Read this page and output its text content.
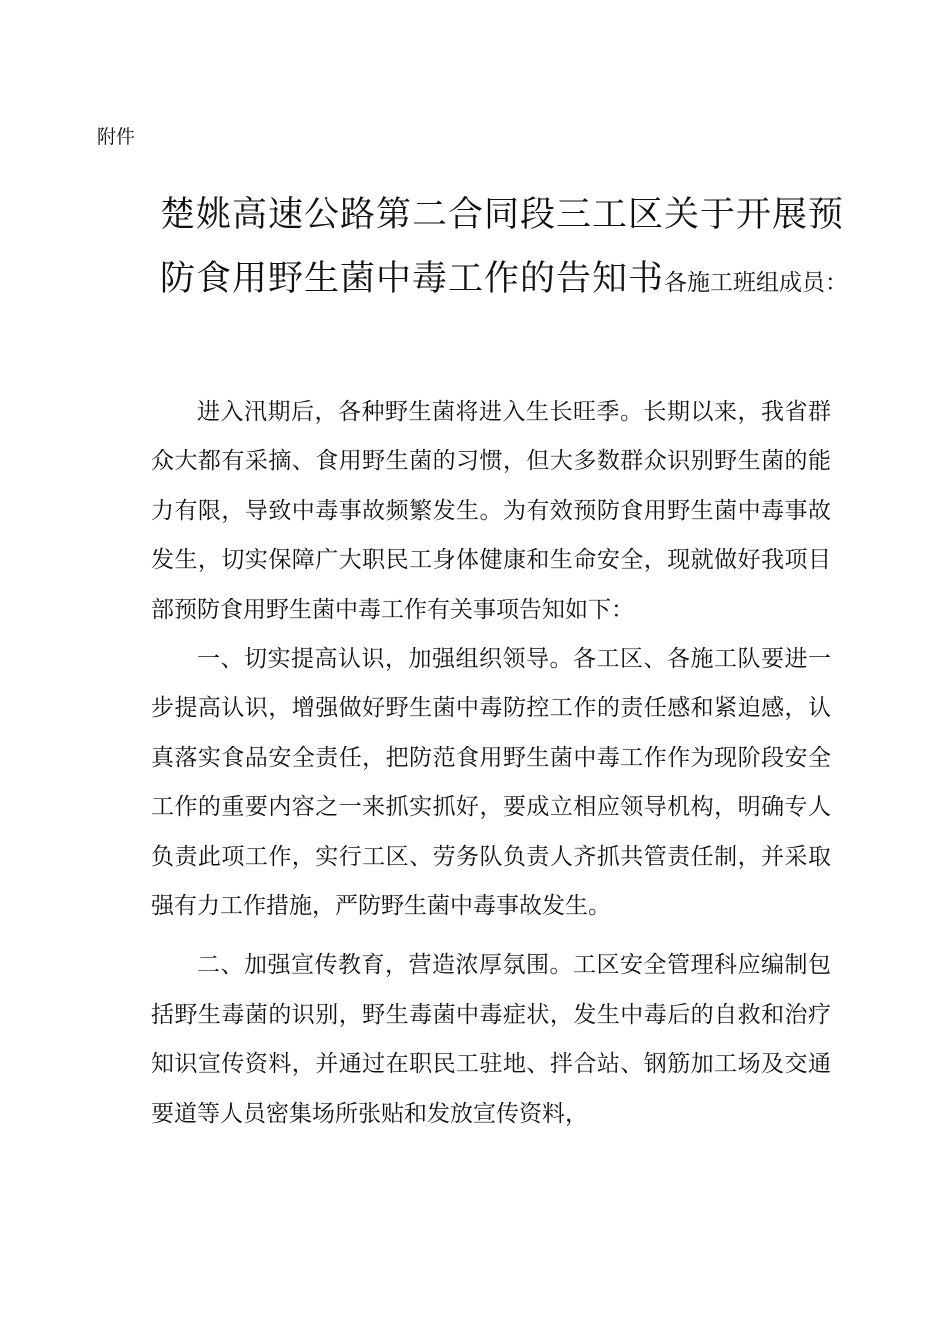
附件
楚姚高速公路第二合同段三工区关于开展预
防食用野生菌中毒工作的告知书各施工班组成员：

进入汛期后，各种野生菌将进入生长旺季。长期以来，我省群众大都有采摘、食用野生菌的习惯，但大多数群众识别野生菌的能力有限，导致中毒事故频繁发生。为有效预防食用野生菌中毒事故发生，切实保障广大职民工身体健康和生命安全，现就做好我项目部预防食用野生菌中毒工作有关事项告知如下：

一、切实提高认识，加强组织领导。各工区、各施工队要进一步提高认识，增强做好野生菌中毒防控工作的责任感和紧迫感，认真落实食品安全责任，把防范食用野生菌中毒工作作为现阶段安全工作的重要内容之一来抓实抓好，要成立相应领导机构，明确专人负责此项工作，实行工区、劳务队负责人齐抓共管责任制，并采取强有力工作措施，严防野生菌中毒事故发生。

二、加强宣传教育，营造浓厚氛围。工区安全管理科应编制包括野生毒菌的识别，野生毒菌中毒症状，发生中毒后的自救和治疗知识宣传资料，并通过在职民工驻地、拌合站、钢筋加工场及交通要道等人员密集场所张贴和发放宣传资料，
